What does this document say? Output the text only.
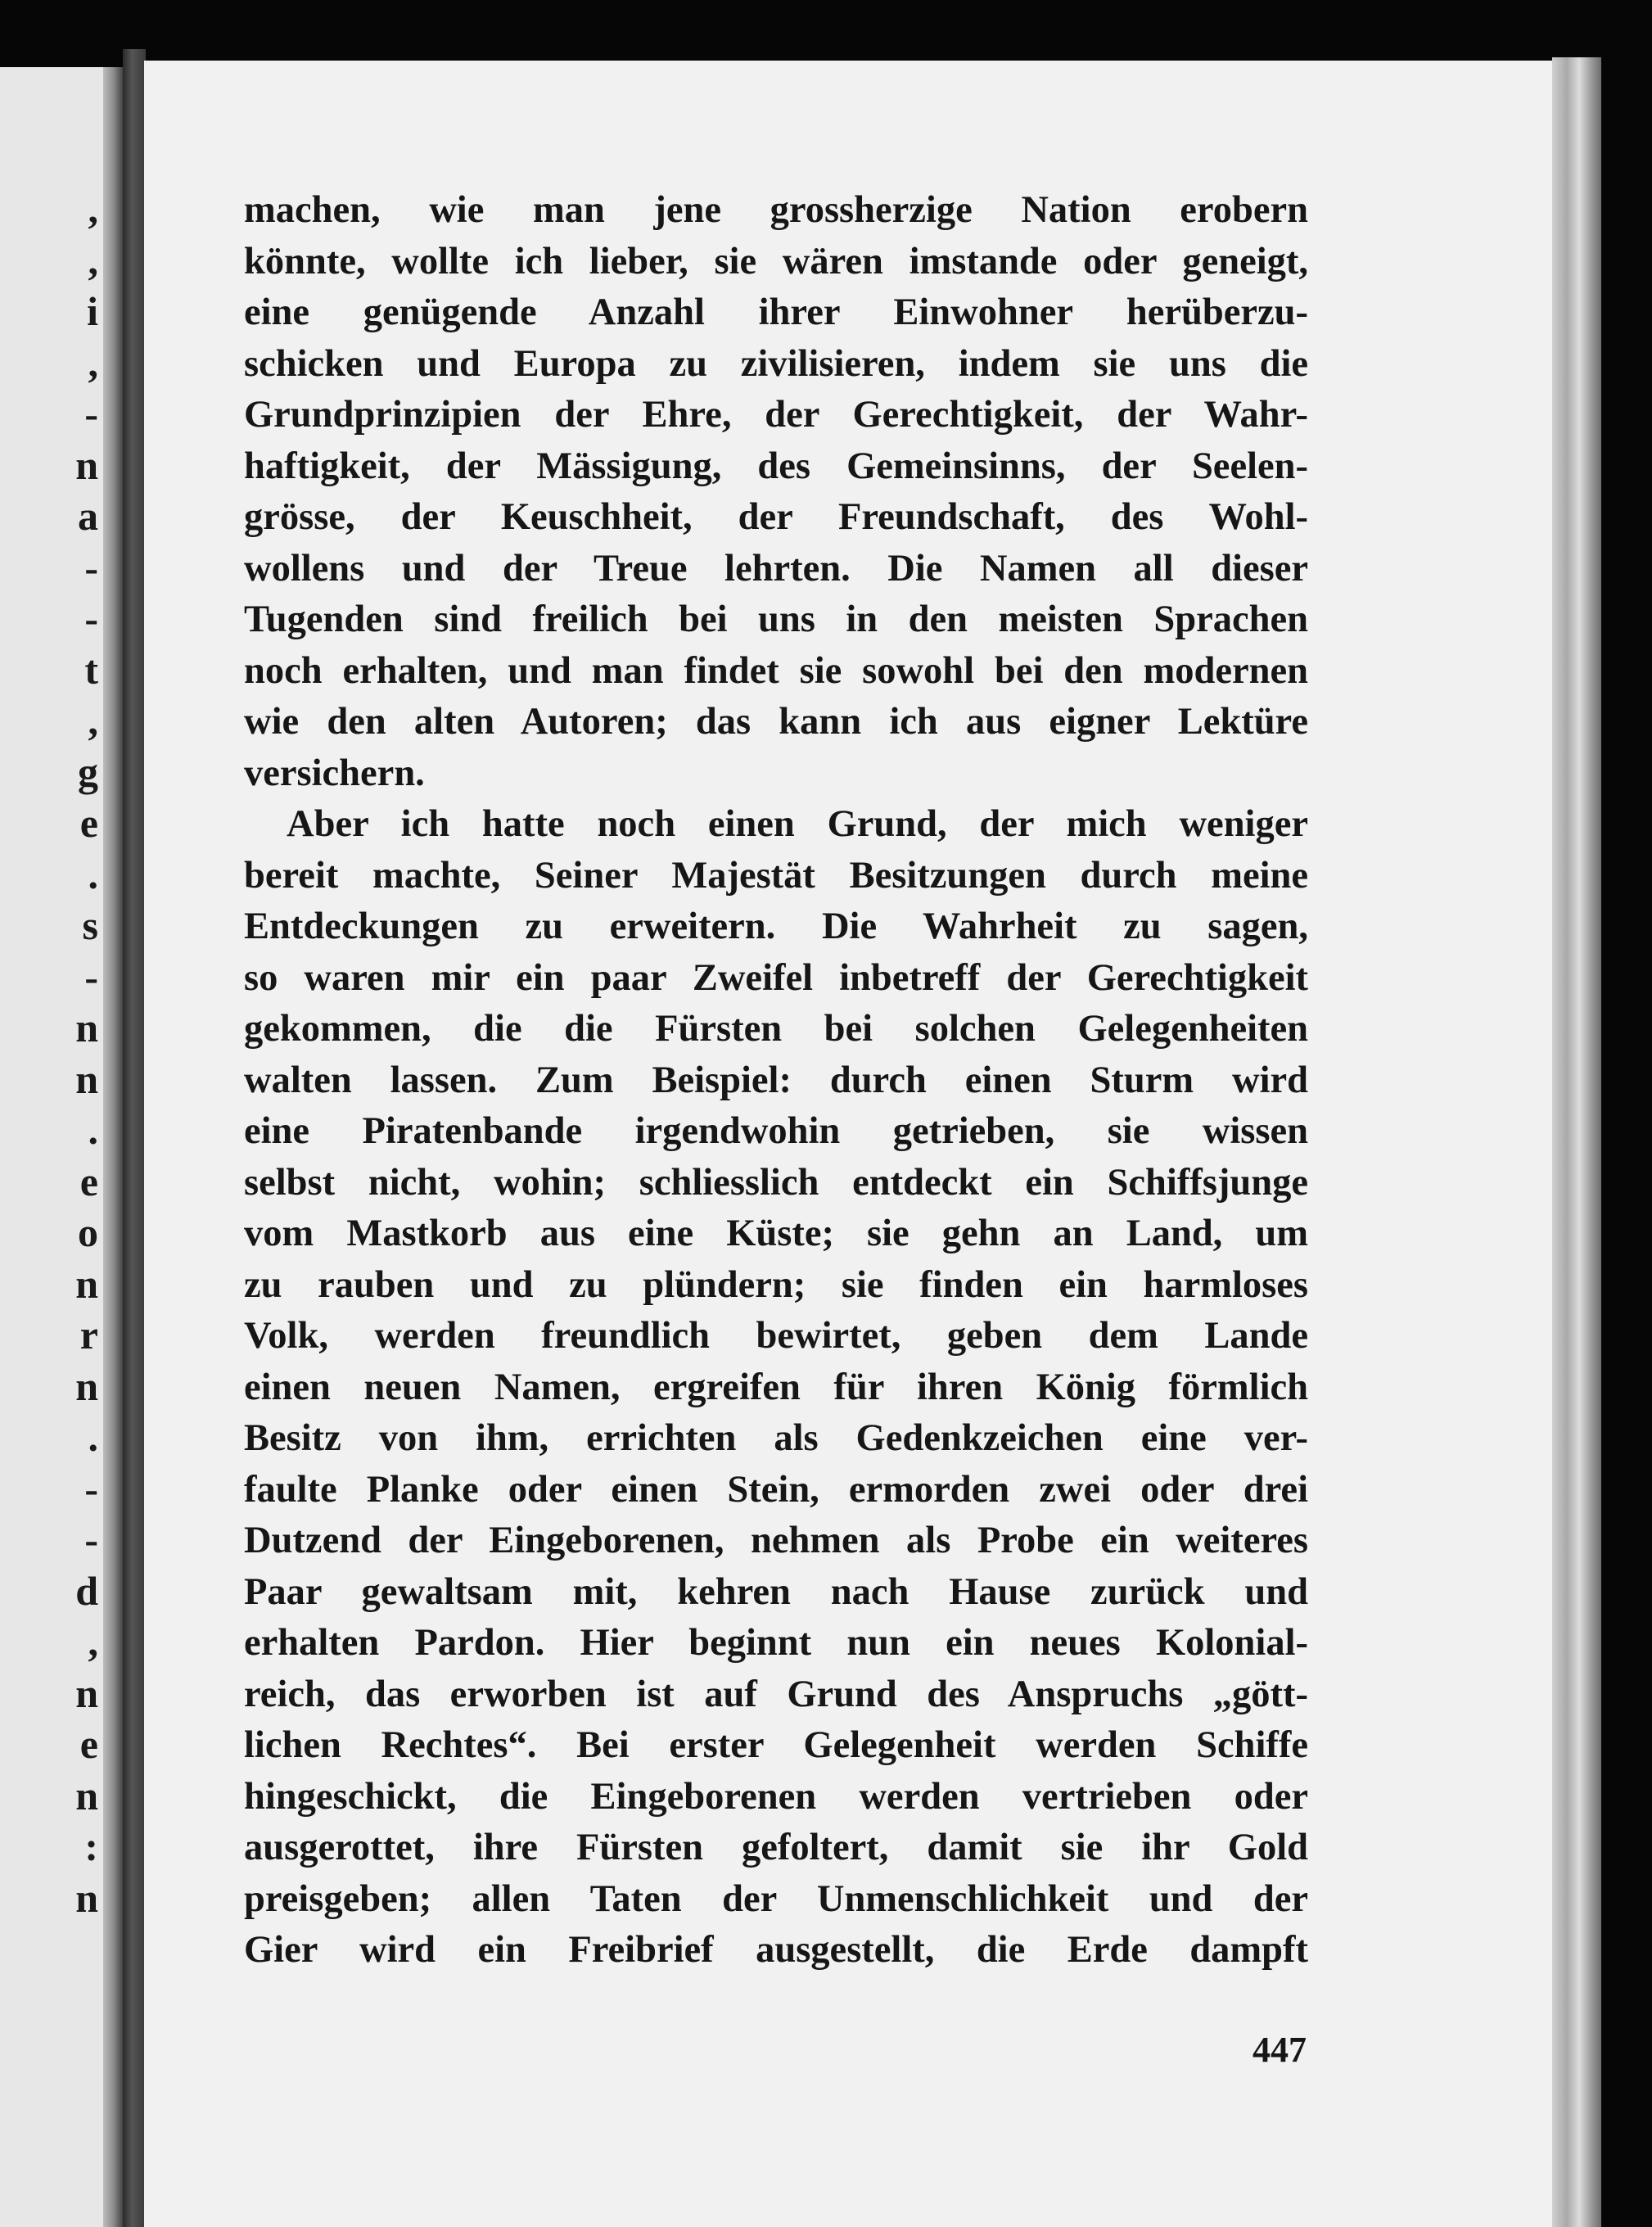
,
,
i
,
-
n
a
-
-
t
,
g
e
.
s
-
n
n
.
e
o
n
r
n
.
-
-
d
,
n
e
n
:
n

machen, wie man jene grossherzige Nation erobern
könnte, wollte ich lieber, sie wären imstande oder geneigt,
eine genügende Anzahl ihrer Einwohner herüberzu-
schicken und Europa zu zivilisieren, indem sie uns die
Grundprinzipien der Ehre, der Gerechtigkeit, der Wahr-
haftigkeit, der Mässigung, des Gemeinsinns, der Seelen-
grösse, der Keuschheit, der Freundschaft, des Wohl-
wollens und der Treue lehrten. Die Namen all dieser
Tugenden sind freilich bei uns in den meisten Sprachen
noch erhalten, und man findet sie sowohl bei den modernen
wie den alten Autoren; das kann ich aus eigner Lektüre
versichern.

Aber ich hatte noch einen Grund, der mich weniger
bereit machte, Seiner Majestät Besitzungen durch meine
Entdeckungen zu erweitern. Die Wahrheit zu sagen,
so waren mir ein paar Zweifel inbetreff der Gerechtigkeit
gekommen, die die Fürsten bei solchen Gelegenheiten
walten lassen. Zum Beispiel: durch einen Sturm wird
eine Piratenbande irgendwohin getrieben, sie wissen
selbst nicht, wohin; schliesslich entdeckt ein Schiffsjunge
vom Mastkorb aus eine Küste; sie gehn an Land, um
zu rauben und zu plündern; sie finden ein harmloses
Volk, werden freundlich bewirtet, geben dem Lande
einen neuen Namen, ergreifen für ihren König förmlich
Besitz von ihm, errichten als Gedenkzeichen eine ver-
faulte Planke oder einen Stein, ermorden zwei oder drei
Dutzend der Eingeborenen, nehmen als Probe ein weiteres
Paar gewaltsam mit, kehren nach Hause zurück und
erhalten Pardon. Hier beginnt nun ein neues Kolonial-
reich, das erworben ist auf Grund des Anspruchs „gött-
lichen Rechtes“. Bei erster Gelegenheit werden Schiffe
hingeschickt, die Eingeborenen werden vertrieben oder
ausgerottet, ihre Fürsten gefoltert, damit sie ihr Gold
preisgeben; allen Taten der Unmenschlichkeit und der
Gier wird ein Freibrief ausgestellt, die Erde dampft

447
